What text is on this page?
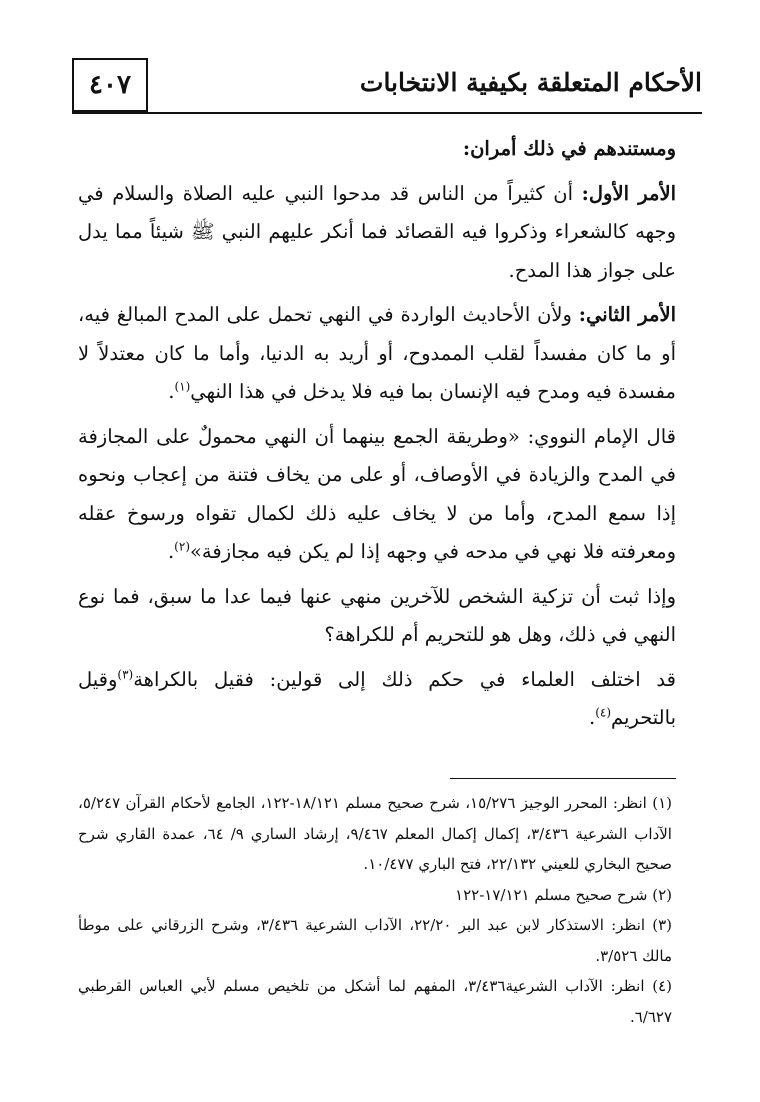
٤٠٧	الأحكام المتعلقة بكيفية الانتخابات

ومستندهم في ذلك أمران:

الأمر الأول: أن كثيراً من الناس قد مدحوا النبي عليه الصلاة والسلام في وجهه كالشعراء وذكروا فيه القصائد فما أنكر عليهم النبي ﷺ شيئاً مما يدل على جواز هذا المدح.

الأمر الثاني: ولأن الأحاديث الواردة في النهي تحمل على المدح المبالغ فيه، أو ما كان مفسداً لقلب الممدوح، أو أريد به الدنيا، وأما ما كان معتدلاً لا مفسدة فيه ومدح فيه الإنسان بما فيه فلا يدخل في هذا النهي$^{(١)}$.

قال الإمام النووي: «وطريقة الجمع بينهما أن النهي محمولٌ على المجازفة في المدح والزيادة في الأوصاف، أو على من يخاف فتنة من إعجاب ونحوه إذا سمع المدح، وأما من لا يخاف عليه ذلك لكمال تقواه ورسوخ عقله ومعرفته فلا نهي في مدحه في وجهه إذا لم يكن فيه مجازفة»$^{(٢)}$.

وإذا ثبت أن تزكية الشخص للآخرين منهي عنها فيما عدا ما سبق، فما نوع النهي في ذلك، وهل هو للتحريم أم للكراهة؟

قد اختلف العلماء في حكم ذلك إلى قولين: فقيل بالكراهة$^{(٣)}$وقيل بالتحريم$^{(٤)}$.

(١) انظر: المحرر الوجيز ١٥/٢٧٦، شرح صحيح مسلم ١٨/١٢١-١٢٢، الجامع لأحكام القرآن ٥/٢٤٧، الآداب الشرعية ٣/٤٣٦، إكمال إكمال المعلم ٩/٤٦٧، إرشاد الساري ٩/ ٦٤، عمدة القاري شرح صحيح البخاري للعيني ٢٢/١٣٢، فتح الباري ١٠/٤٧٧.

(٢) شرح صحيح مسلم ١٧/١٢١-١٢٢

(٣) انظر: الاستذكار لابن عبد البر ٢٢/٢٠، الآداب الشرعية ٣/٤٣٦، وشرح الزرقاني على موطأ مالك ٣/٥٢٦.

(٤) انظر: الآداب الشرعية٣/٤٣٦، المفهم لما أشكل من تلخيص مسلم لأبي العباس القرطبي ٦/٦٢٧.
